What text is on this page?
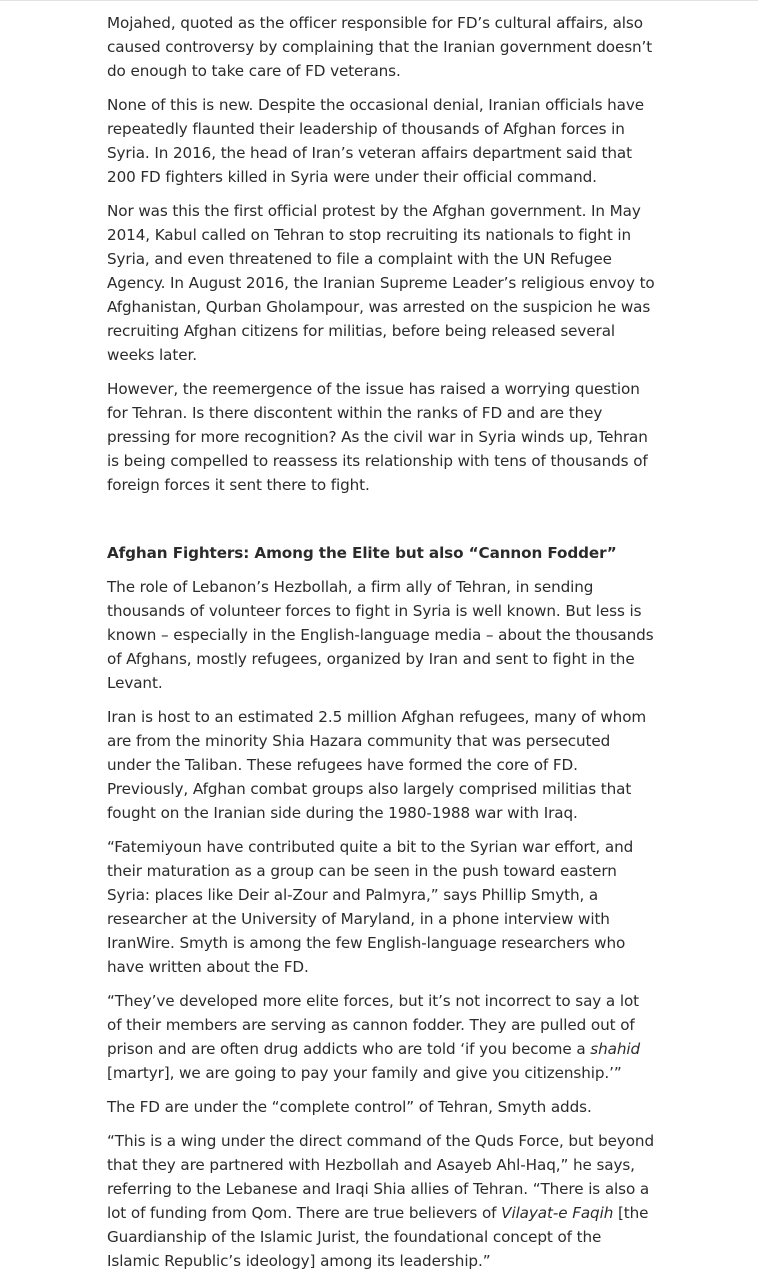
Mojahed, quoted as the officer responsible for FD’s cultural affairs, also caused controversy by complaining that the Iranian government doesn’t do enough to take care of FD veterans.

None of this is new. Despite the occasional denial, Iranian officials have repeatedly flaunted their leadership of thousands of Afghan forces in Syria. In 2016, the head of Iran’s veteran affairs department said that 200 FD fighters killed in Syria were under their official command.

Nor was this the first official protest by the Afghan government. In May 2014, Kabul called on Tehran to stop recruiting its nationals to fight in Syria, and even threatened to file a complaint with the UN Refugee Agency. In August 2016, the Iranian Supreme Leader’s religious envoy to Afghanistan, Qurban Gholampour, was arrested on the suspicion he was recruiting Afghan citizens for militias, before being released several weeks later.

However, the reemergence of the issue has raised a worrying question for Tehran. Is there discontent within the ranks of FD and are they pressing for more recognition? As the civil war in Syria winds up, Tehran is being compelled to reassess its relationship with tens of thousands of foreign forces it sent there to fight.

Afghan Fighters: Among the Elite but also “Cannon Fodder”

The role of Lebanon’s Hezbollah, a firm ally of Tehran, in sending thousands of volunteer forces to fight in Syria is well known. But less is known – especially in the English-language media – about the thousands of Afghans, mostly refugees, organized by Iran and sent to fight in the Levant.

Iran is host to an estimated 2.5 million Afghan refugees, many of whom are from the minority Shia Hazara community that was persecuted under the Taliban. These refugees have formed the core of FD. Previously, Afghan combat groups also largely comprised militias that fought on the Iranian side during the 1980-1988 war with Iraq.

“Fatemiyoun have contributed quite a bit to the Syrian war effort, and their maturation as a group can be seen in the push toward eastern Syria: places like Deir al-Zour and Palmyra,” says Phillip Smyth, a researcher at the University of Maryland, in a phone interview with IranWire. Smyth is among the few English-language researchers who have written about the FD.

“They’ve developed more elite forces, but it’s not incorrect to say a lot of their members are serving as cannon fodder. They are pulled out of prison and are often drug addicts who are told ‘if you become a shahid [martyr], we are going to pay your family and give you citizenship.’”

The FD are under the “complete control” of Tehran, Smyth adds.

“This is a wing under the direct command of the Quds Force, but beyond that they are partnered with Hezbollah and Asayeb Ahl-Haq,” he says, referring to the Lebanese and Iraqi Shia allies of Tehran. “There is also a lot of funding from Qom. There are true believers of Vilayat-e Faqih [the Guardianship of the Islamic Jurist, the foundational concept of the Islamic Republic’s ideology] among its leadership.”
